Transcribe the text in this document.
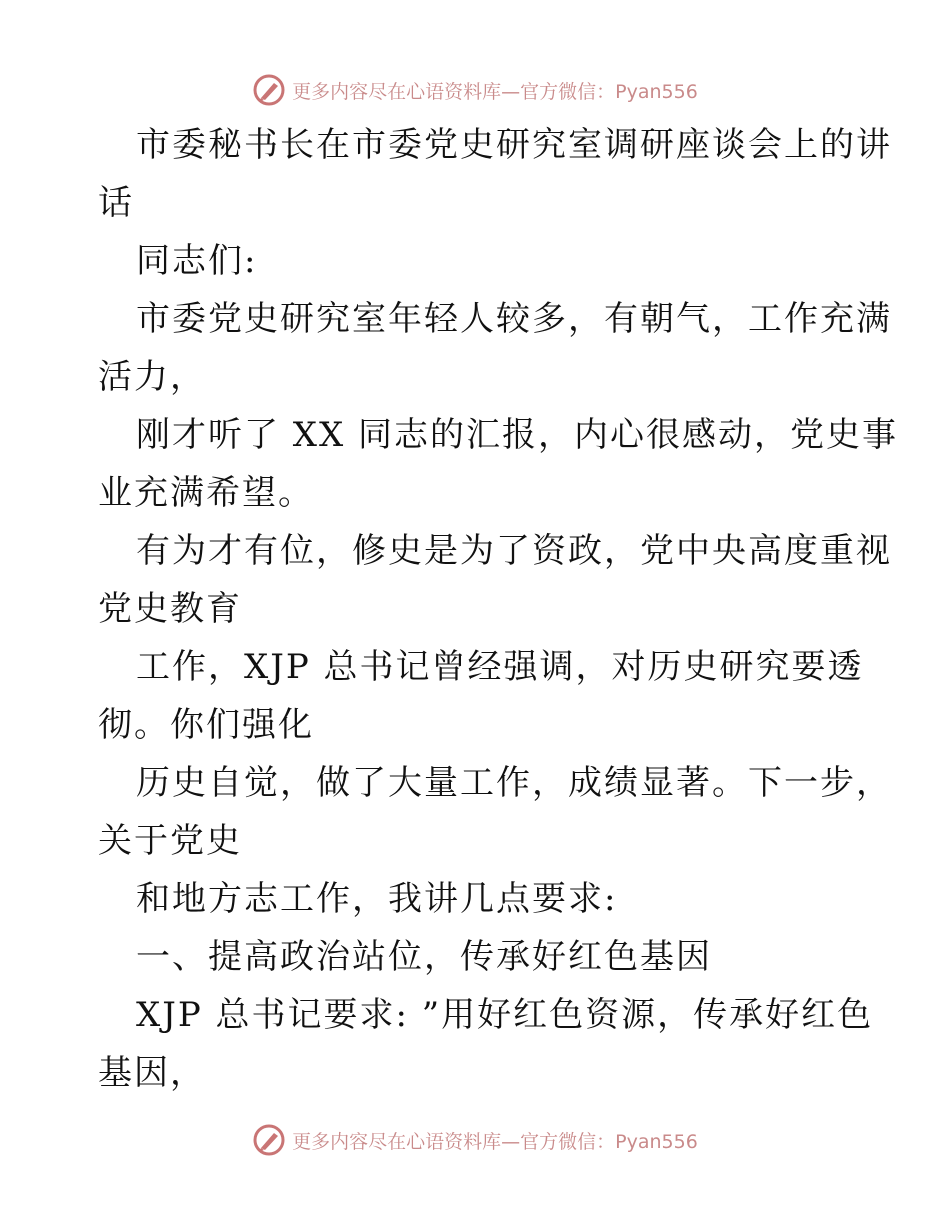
更多内容尽在心语资料库—官方微信：Pyan556
市委秘书长在市委党史研究室调研座谈会上的讲
话
同志们:
市委党史研究室年轻人较多，有朝气，工作充满
活力，
刚才听了 XX 同志的汇报，内心很感动，党史事
业充满希望。
有为才有位，修史是为了资政，党中央高度重视
党史教育
工作，XJP 总书记曾经强调，对历史研究要透
彻。你们强化
历史自觉，做了大量工作，成绩显著。下一步，
关于党史
和地方志工作，我讲几点要求:
一、提高政治站位，传承好红色基因
XJP 总书记要求: ”用好红色资源，传承好红色
基因，
更多内容尽在心语资料库—官方微信：Pyan556
